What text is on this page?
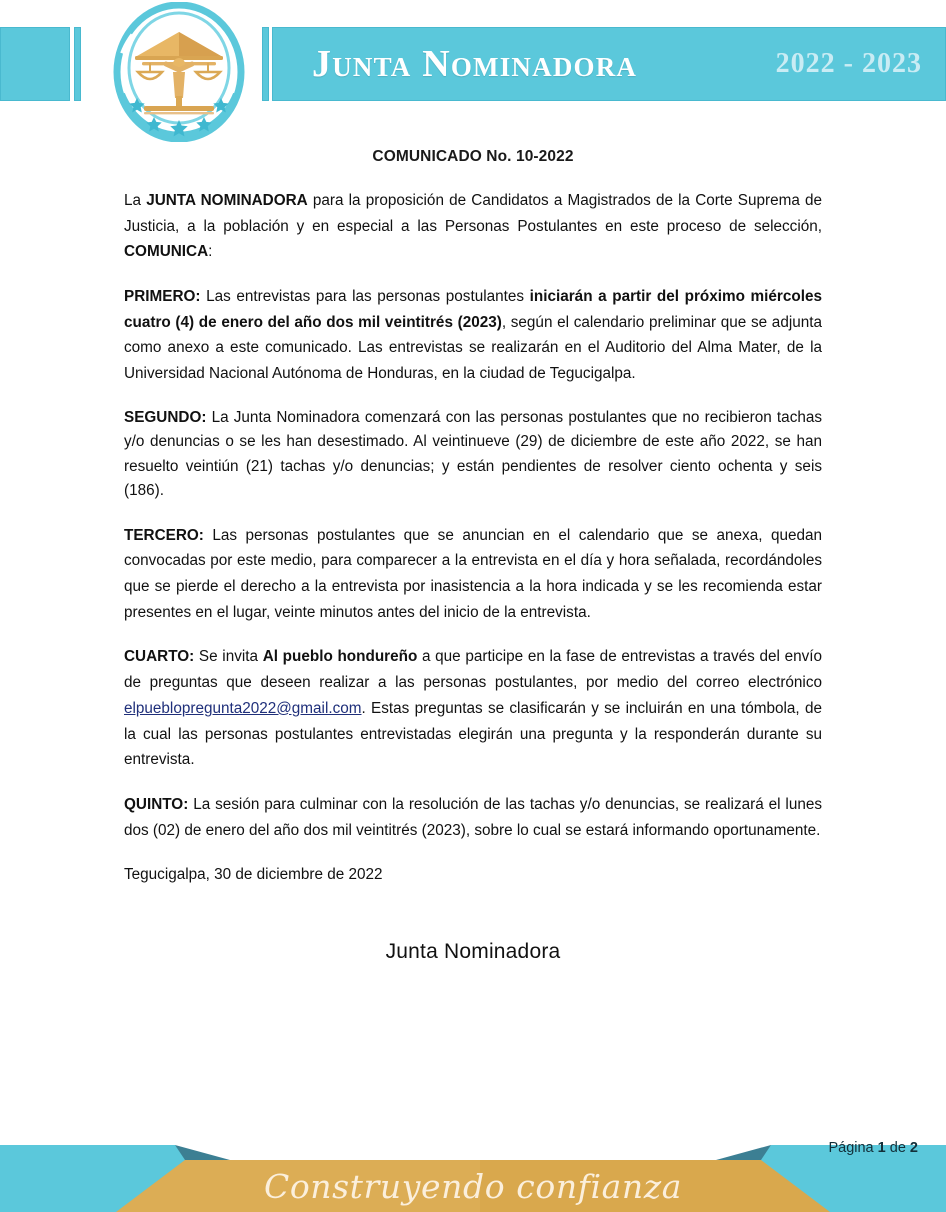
Junta Nominadora	2022 - 2023
COMUNICADO No. 10-2022

La JUNTA NOMINADORA para la proposición de Candidatos a Magistrados de la Corte Suprema de Justicia, a la población y en especial a las Personas Postulantes en este proceso de selección, COMUNICA:

PRIMERO: Las entrevistas para las personas postulantes iniciarán a partir del próximo miércoles cuatro (4) de enero del año dos mil veintitrés (2023), según el calendario preliminar que se adjunta como anexo a este comunicado. Las entrevistas se realizarán en el Auditorio del Alma Mater, de la Universidad Nacional Autónoma de Honduras, en la ciudad de Tegucigalpa.

SEGUNDO: La Junta Nominadora comenzará con las personas postulantes que no recibieron tachas y/o denuncias o se les han desestimado. Al veintinueve (29) de diciembre de este año 2022, se han resuelto veintiún (21) tachas y/o denuncias; y están pendientes de resolver ciento ochenta y seis (186).

TERCERO: Las personas postulantes que se anuncian en el calendario que se anexa, quedan convocadas por este medio, para comparecer a la entrevista en el día y hora señalada, recordándoles que se pierde el derecho a la entrevista por inasistencia a la hora indicada y se les recomienda estar presentes en el lugar, veinte minutos antes del inicio de la entrevista.

CUARTO: Se invita Al pueblo hondureño a que participe en la fase de entrevistas a través del envío de preguntas que deseen realizar a las personas postulantes, por medio del correo electrónico elpueblopregunta2022@gmail.com. Estas preguntas se clasificarán y se incluirán en una tómbola, de la cual las personas postulantes entrevistadas elegirán una pregunta y la responderán durante su entrevista.

QUINTO: La sesión para culminar con la resolución de las tachas y/o denuncias, se realizará el lunes dos (02) de enero del año dos mil veintitrés (2023), sobre lo cual se estará informando oportunamente.

Tegucigalpa, 30 de diciembre de 2022

Junta Nominadora
Construyendo confianza
Página 1 de 2
